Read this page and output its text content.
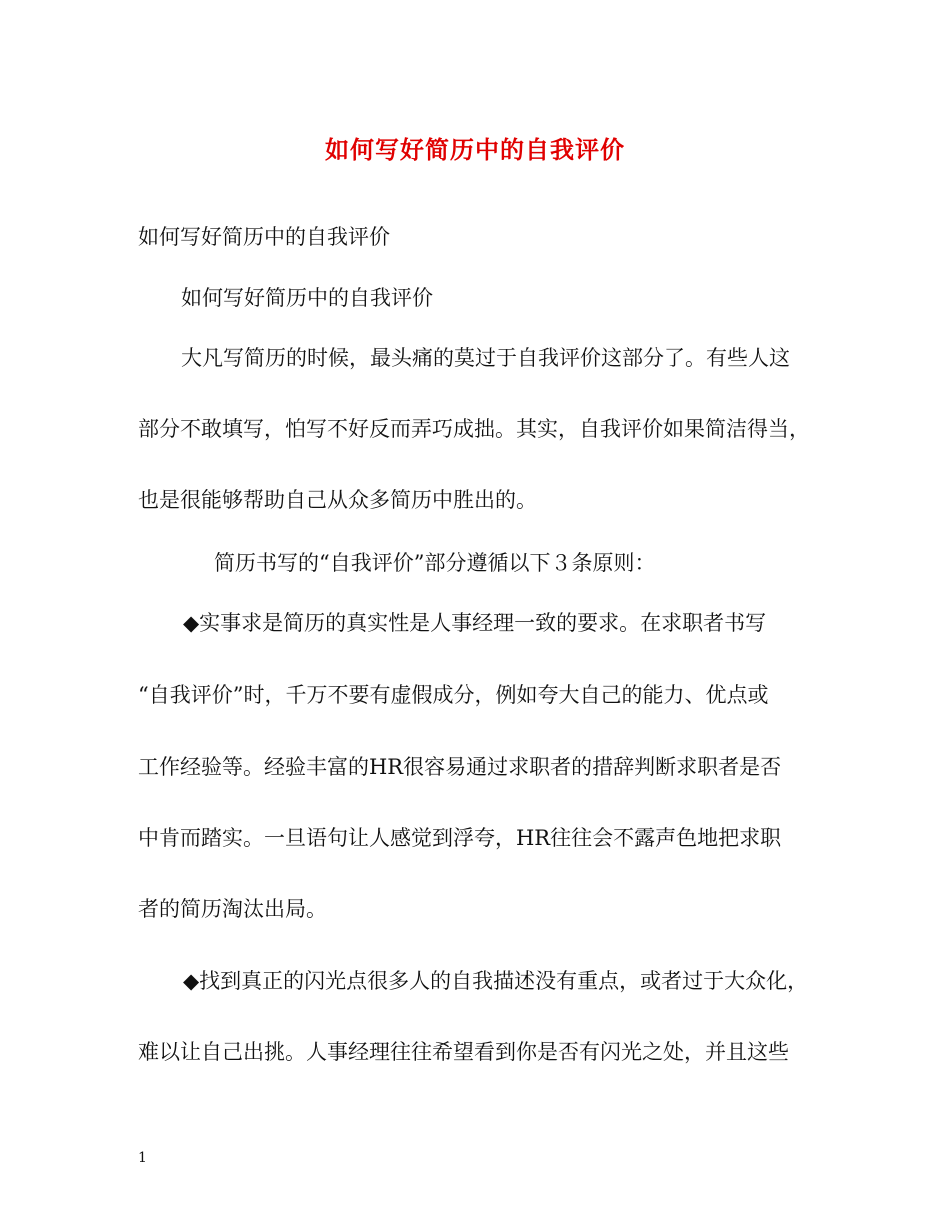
如何写好简历中的自我评价
如何写好简历中的自我评价
如何写好简历中的自我评价
大凡写简历的时候，最头痛的莫过于自我评价这部分了。有些人这
部分不敢填写，怕写不好反而弄巧成拙。其实，自我评价如果简洁得当，
也是很能够帮助自己从众多简历中胜出的。
简历书写的“自我评价”部分遵循以下３条原则：
◆实事求是简历的真实性是人事经理一致的要求。在求职者书写
“自我评价”时，千万不要有虚假成分，例如夸大自己的能力、优点或
工作经验等。经验丰富的HR很容易通过求职者的措辞判断求职者是否
中肯而踏实。一旦语句让人感觉到浮夸，HR往往会不露声色地把求职
者的简历淘汰出局。
◆找到真正的闪光点很多人的自我描述没有重点，或者过于大众化，
难以让自己出挑。人事经理往往希望看到你是否有闪光之处，并且这些
1
